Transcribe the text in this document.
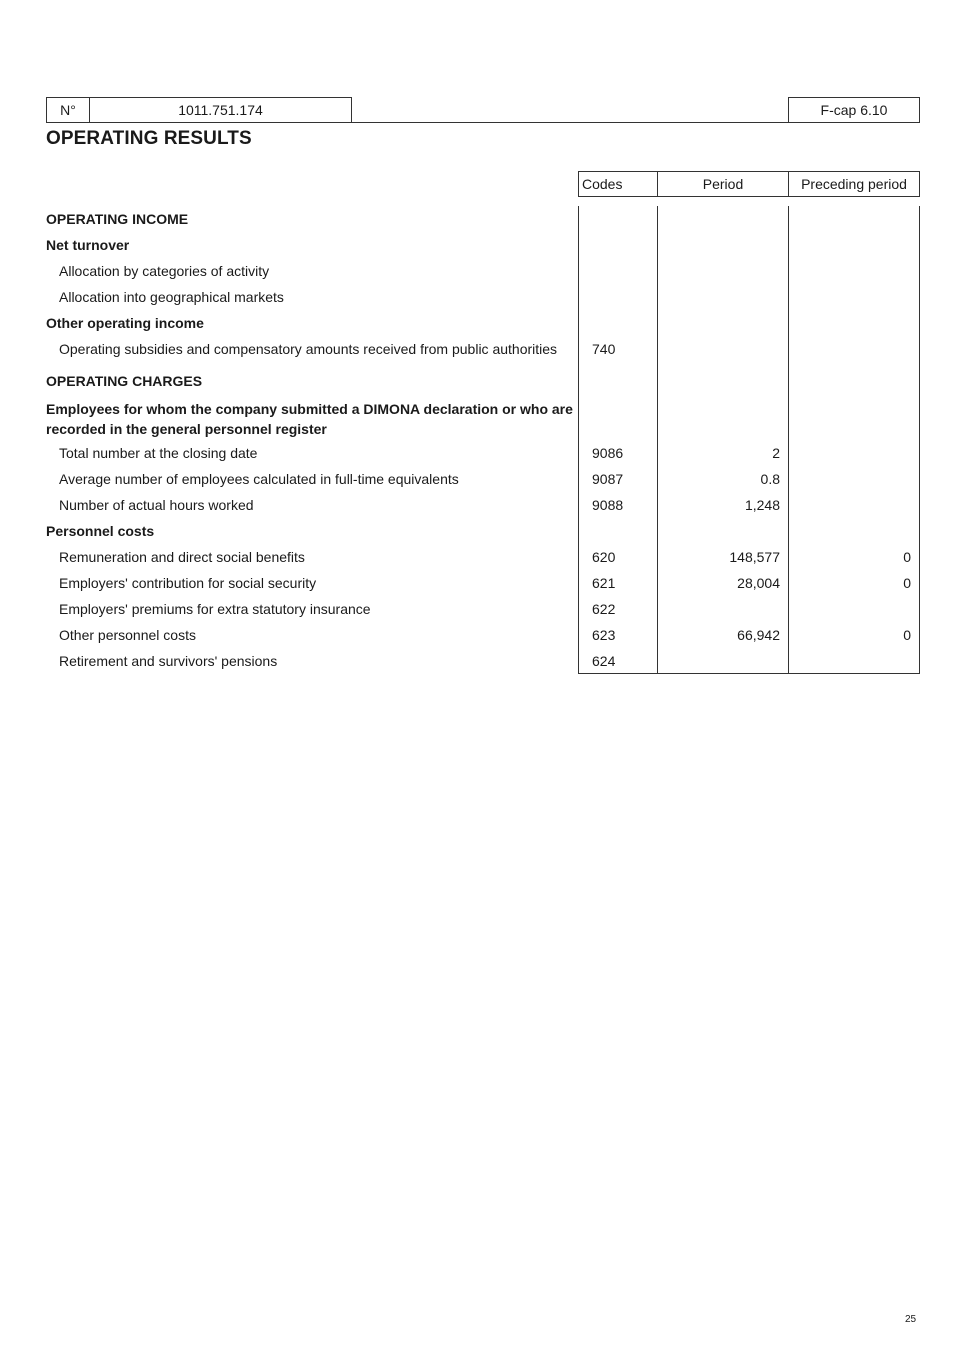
N°	1011.751.174	F-cap 6.10
OPERATING RESULTS
Codes	Period	Preceding period
OPERATING INCOME
Net turnover
Allocation by categories of activity
Allocation into geographical markets
Other operating income
Operating subsidies and compensatory amounts received from public authorities	740
OPERATING CHARGES
Employees for whom the company submitted a DIMONA declaration or who are recorded in the general personnel register
Total number at the closing date	9086	2
Average number of employees calculated in full-time equivalents	9087	0.8
Number of actual hours worked	9088	1,248
Personnel costs
Remuneration and direct social benefits	620	148,577	0
Employers' contribution for social security	621	28,004	0
Employers' premiums for extra statutory insurance	622
Other personnel costs	623	66,942	0
Retirement and survivors' pensions	624
25
